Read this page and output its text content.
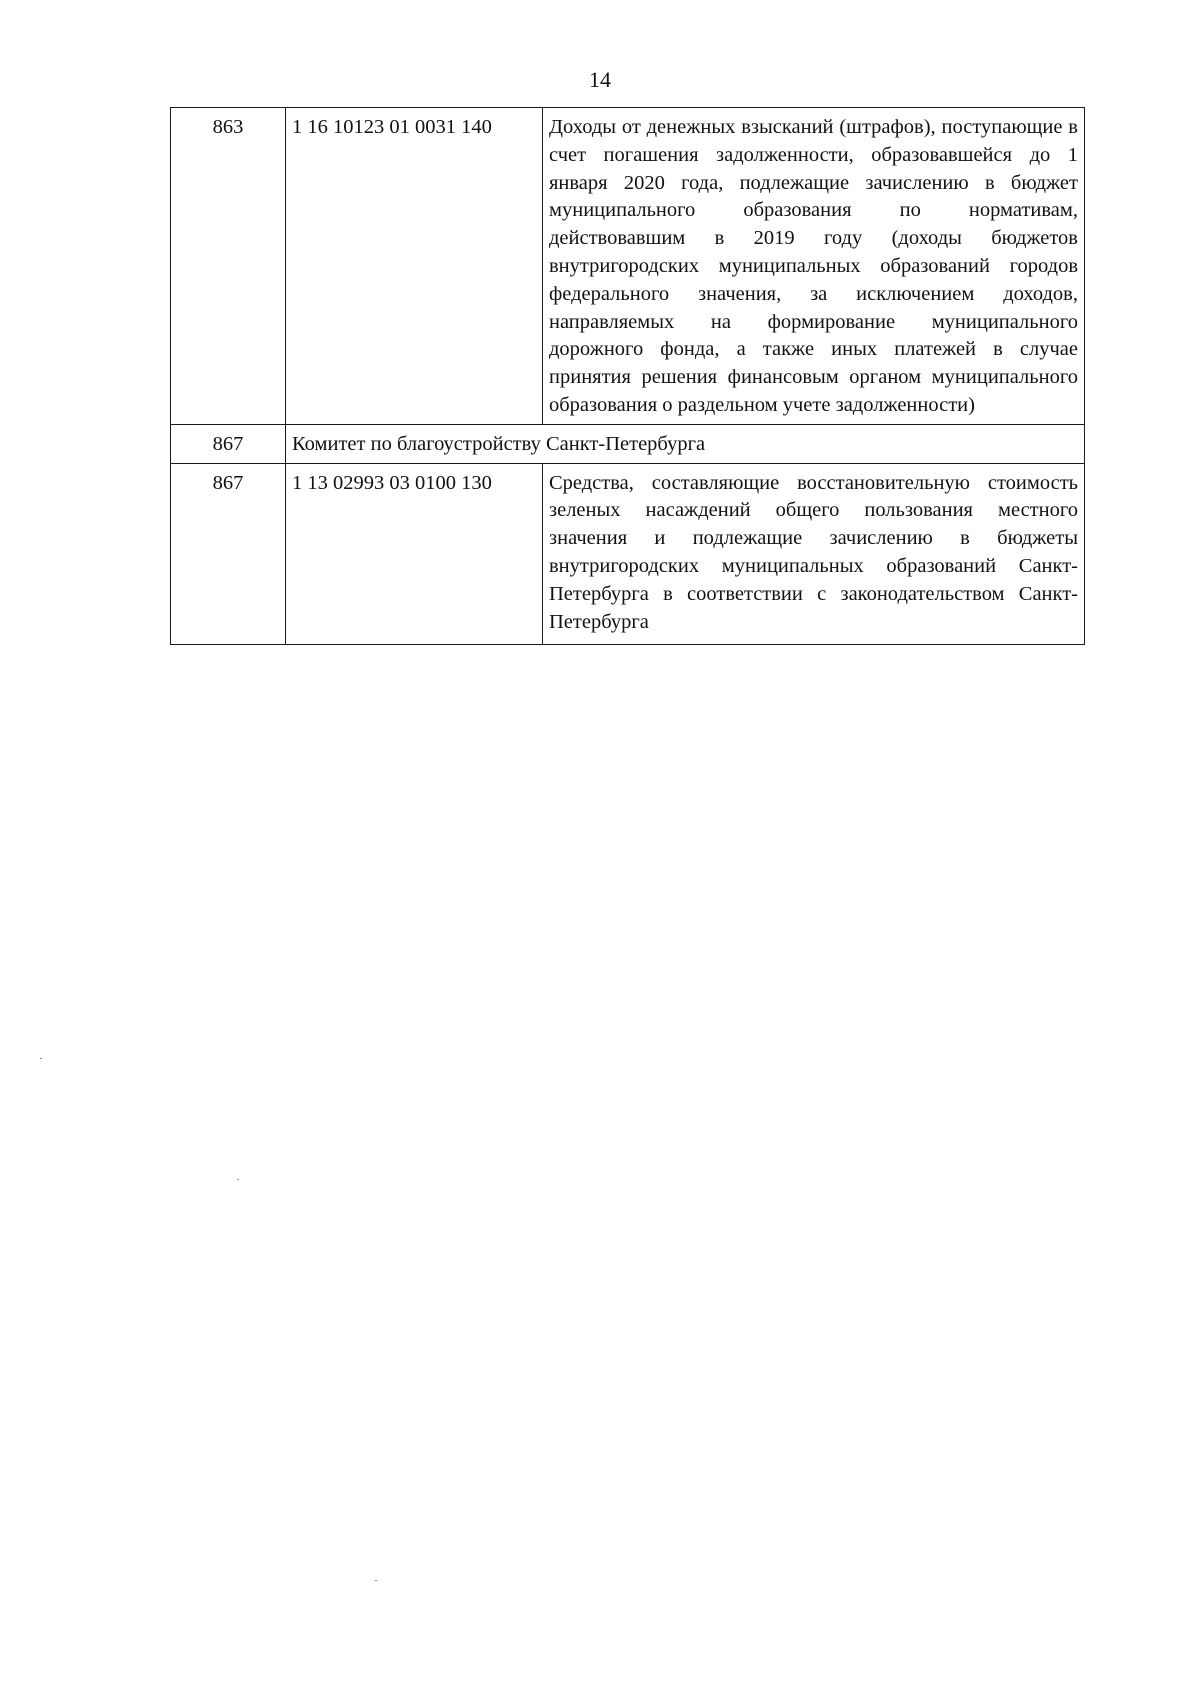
14
863	1 16 10123 01 0031 140	Доходы от денежных взысканий (штрафов), поступающие в счет погашения задолженности, образовавшейся до 1 января 2020 года, подлежащие зачислению в бюджет муниципального образования по нормативам, действовавшим в 2019 году (доходы бюджетов внутригородских муниципальных образований городов федерального значения, за исключением доходов, направляемых на формирование муниципального дорожного фонда, а также иных платежей в случае принятия решения финансовым органом муниципального образования о раздельном учете задолженности)
867	Комитет по благоустройству Санкт-Петербурга	
867	1 13 02993 03 0100 130	Средства, составляющие восстановительную стоимость зеленых насаждений общего пользования местного значения и подлежащие зачислению в бюджеты внутригородских муниципальных образований Санкт-Петербурга в соответствии с законодательством Санкт-Петербурга
